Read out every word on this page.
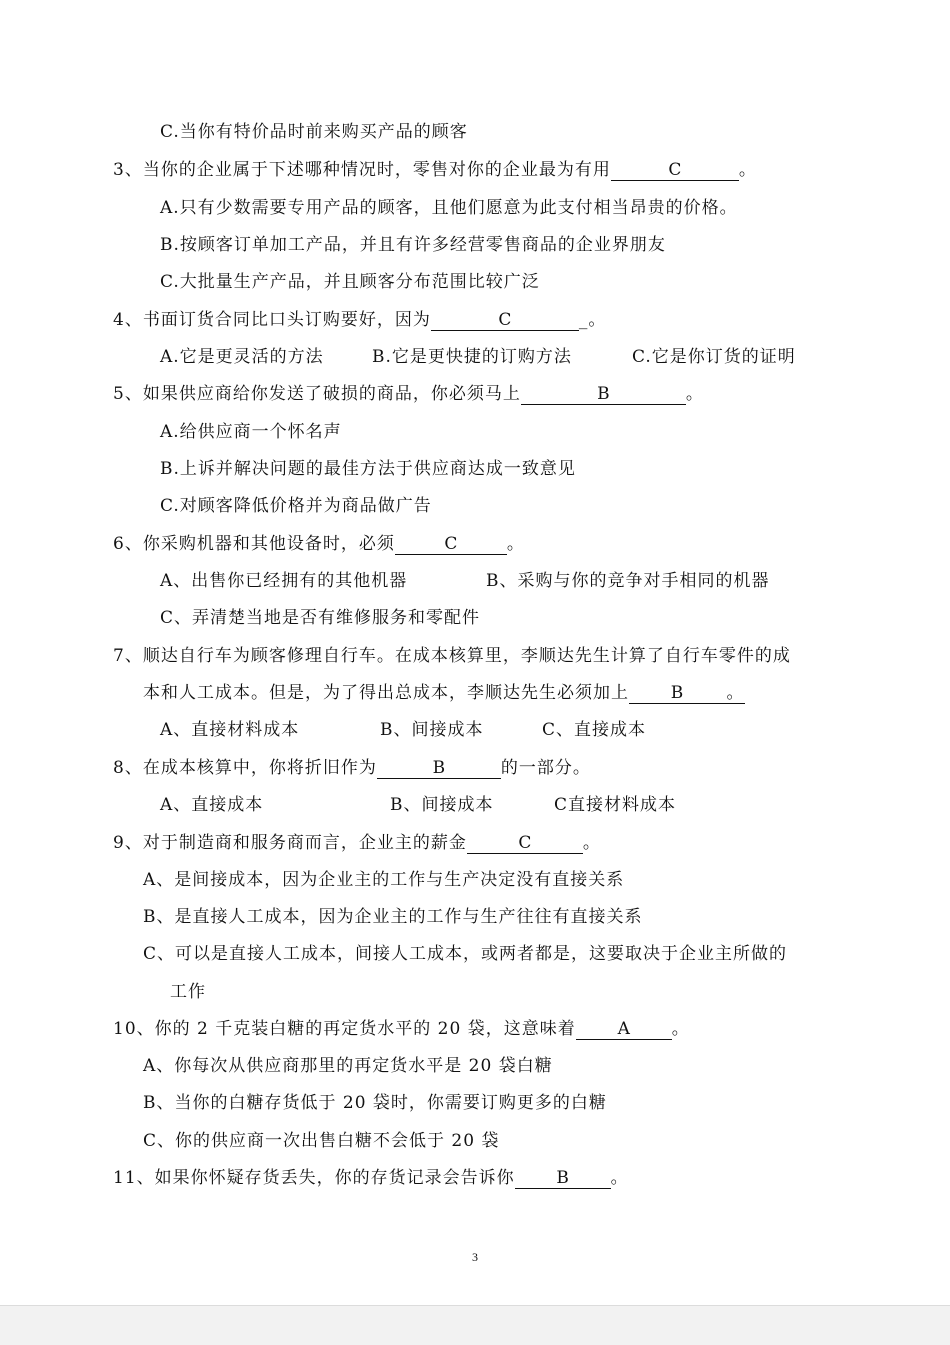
C.当你有特价品时前来购买产品的顾客
3、当你的企业属于下述哪种情况时，零售对你的企业最为有用	C	。
A.只有少数需要专用产品的顾客，且他们愿意为此支付相当昂贵的价格。
B.按顾客订单加工产品，并且有许多经营零售商品的企业界朋友
C.大批量生产产品，并且顾客分布范围比较广泛
4、书面订货合同比口头订购要好，因为	C	_。
A.它是更灵活的方法	B.它是更快捷的订购方法	C.它是你订货的证明
5、如果供应商给你发送了破损的商品，你必须马上	B	。
A.给供应商一个怀名声
B.上诉并解决问题的最佳方法于供应商达成一致意见
C.对顾客降低价格并为商品做广告
6、你采购机器和其他设备时，必须	C	。
A、出售你已经拥有的其他机器	B、采购与你的竞争对手相同的机器
C、弄清楚当地是否有维修服务和零配件
7、顺达自行车为顾客修理自行车。在成本核算里，李顺达先生计算了自行车零件的成
本和人工成本。但是，为了得出总成本，李顺达先生必须加上 B	。
A、直接材料成本	B、间接成本	C、直接成本
8、在成本核算中，你将折旧作为	B	的一部分。
A、直接成本	B、间接成本	C直接材料成本
9、对于制造商和服务商而言，企业主的薪金	C	。
A、是间接成本，因为企业主的工作与生产决定没有直接关系
B、是直接人工成本，因为企业主的工作与生产往往有直接关系
C、可以是直接人工成本，间接人工成本，或两者都是，这要取决于企业主所做的
工作
10、你的 2 千克装白糖的再定货水平的 20 袋，这意味着 A 。
A、你每次从供应商那里的再定货水平是 20 袋白糖
B、当你的白糖存货低于 20 袋时，你需要订购更多的白糖
C、你的供应商一次出售白糖不会低于 20 袋
11、如果你怀疑存货丢失，你的存货记录会告诉你 B 。
3
